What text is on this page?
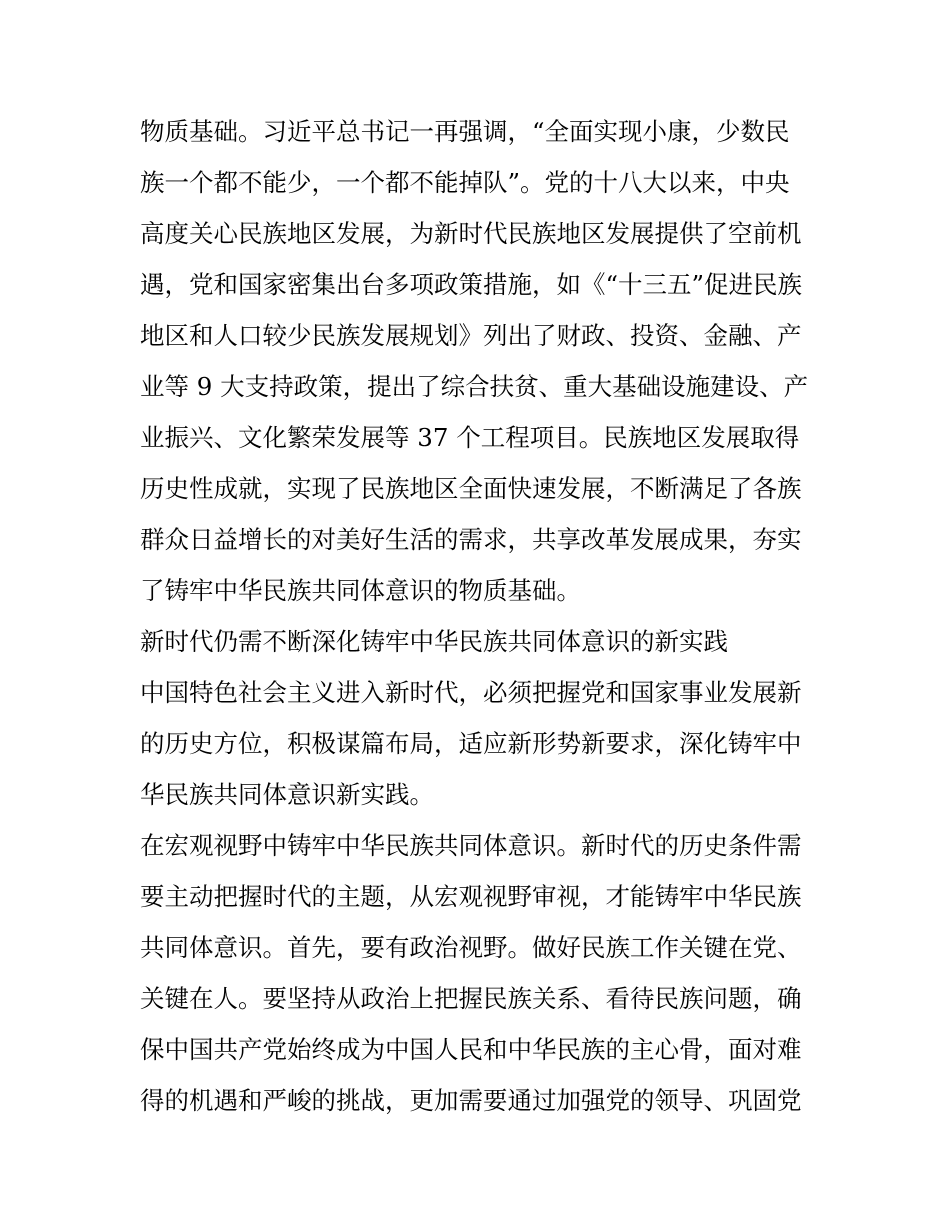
物质基础。习近平总书记一再强调，“全面实现小康，少数民
族一个都不能少，一个都不能掉队”。党的十八大以来，中央
高度关心民族地区发展，为新时代民族地区发展提供了空前机
遇，党和国家密集出台多项政策措施，如《“十三五”促进民族
地区和人口较少民族发展规划》列出了财政、投资、金融、产
业等 9 大支持政策，提出了综合扶贫、重大基础设施建设、产
业振兴、文化繁荣发展等 37 个工程项目。民族地区发展取得
历史性成就，实现了民族地区全面快速发展，不断满足了各族
群众日益增长的对美好生活的需求，共享改革发展成果，夯实
了铸牢中华民族共同体意识的物质基础。
新时代仍需不断深化铸牢中华民族共同体意识的新实践
中国特色社会主义进入新时代，必须把握党和国家事业发展新
的历史方位，积极谋篇布局，适应新形势新要求，深化铸牢中
华民族共同体意识新实践。
在宏观视野中铸牢中华民族共同体意识。新时代的历史条件需
要主动把握时代的主题，从宏观视野审视，才能铸牢中华民族
共同体意识。首先，要有政治视野。做好民族工作关键在党、
关键在人。要坚持从政治上把握民族关系、看待民族问题，确
保中国共产党始终成为中国人民和中华民族的主心骨，面对难
得的机遇和严峻的挑战，更加需要通过加强党的领导、巩固党
